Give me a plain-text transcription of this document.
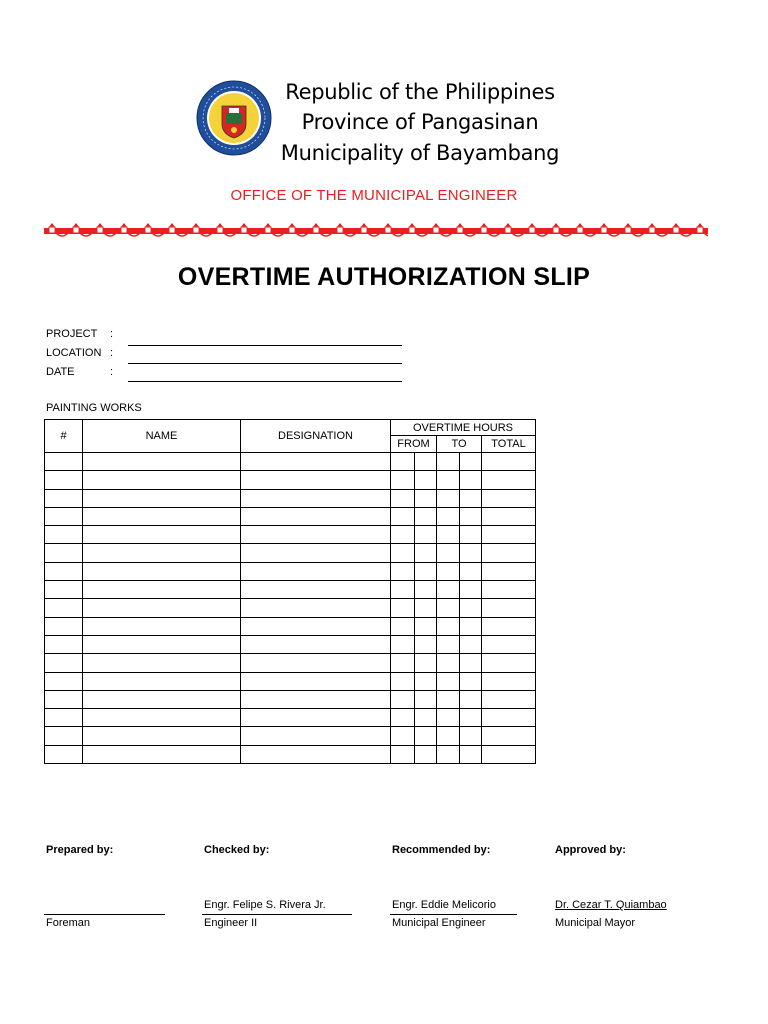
Republic of the Philippines
Province of Pangasinan
Municipality of Bayambang
OFFICE OF THE MUNICIPAL ENGINEER
OVERTIME AUTHORIZATION SLIP
PROJECT	:
LOCATION :
DATE	:
PAINTING WORKS
#	NAME	DESIGNATION	OVERTIME HOURS				
			FROM		TO		TOTAL

Prepared by:
Foreman
Checked by:
Engr. Felipe S. Rivera Jr.
Engineer II
Recommended by:
Engr. Eddie Melicorio
Municipal Engineer
Approved by:
Dr. Cezar T. Quiambao
Municipal Mayor
